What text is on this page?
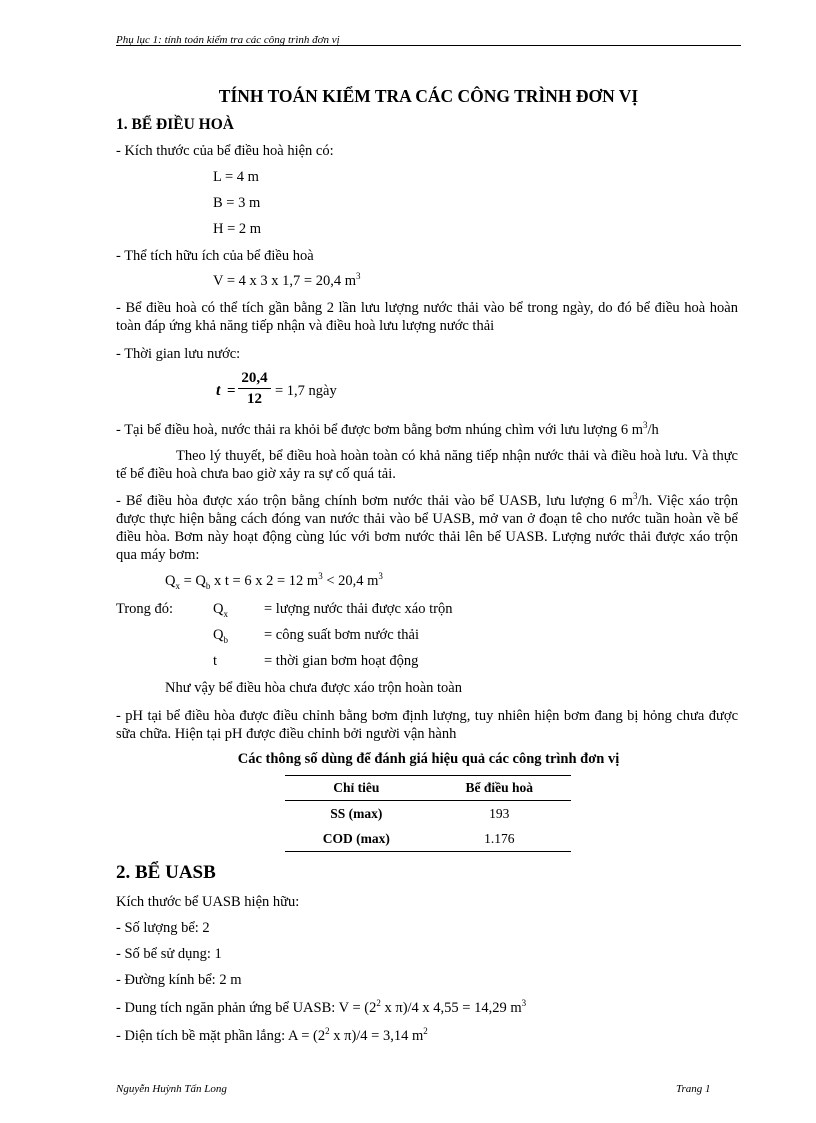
Phụ lục 1: tính toán kiểm tra các công trình đơn vị
TÍNH TOÁN KIỂM TRA CÁC CÔNG TRÌNH ĐƠN VỊ
1. BỂ ĐIỀU HOÀ
- Kích thước của bể điều hoà hiện có:
L = 4 m
B = 3 m
H = 2 m
- Thể tích hữu ích của bể điều hoà
V = 4 x 3 x 1,7 = 20,4 $m^3$
- Bể điều hoà có thể tích gần bằng 2 lần lưu lượng nước thải vào bể trong ngày, do đó bể điều hoà hoàn toàn đáp ứng khả năng tiếp nhận và điều hoà lưu lượng nước thải
- Thời gian lưu nước:
t =
20,4
12 = 1,7 ngày
- Tại bể điều hoà, nước thải ra khỏi bể được bơm bằng bơm nhúng chìm với lưu lượng 6 $m^3/h$
Theo lý thuyết, bể điều hoà hoàn toàn có khả năng tiếp nhận nước thải và điều hoà lưu. Và thực tế bể điều hoà chưa bao giờ xảy ra sự cố quá tải.
- Bể điều hòa được xáo trộn bằng chính bơm nước thải vào bể UASB, lưu lượng 6 $m^3/h$. Việc xáo trộn được thực hiện bằng cách đóng van nước thải vào bể UASB, mở van ở đoạn tê cho nước tuần hoàn về bể điều hòa. Bơm này hoạt động cùng lúc với bơm nước thải lên bể UASB. Lượng nước thải được xáo trộn qua máy bơm:
$Q_x = Q_b$ x t = 6 x 2 = 12 $m^3 < 20,4$ $m^3$
Trong đó:	$Q_x$ = lượng nước thải được xáo trộn
$Q_b$ = công suất bơm nước thải
t	= thời gian bơm hoạt động
Như vậy bể điều hòa chưa được xáo trộn hoàn toàn
- pH tại bể điều hòa được điều chỉnh bằng bơm định lượng, tuy nhiên hiện bơm đang bị hỏng chưa được sữa chữa. Hiện tại pH được điều chỉnh bởi người vận hành
Các thông số dùng để đánh giá hiệu quả các công trình đơn vị
Chỉ tiêu	Bể điều hoà
SS (max)	193
COD (max)	1.176
2. BỂ UASB
Kích thước bể UASB hiện hữu:
- Số lượng bể: 2
- Số bể sử dụng: 1
- Đường kính bể: 2 m
- Dung tích ngăn phản ứng bể UASB: $V = (2^2$ x π)/4 x 4,55 = 14,29 $m^3$
- Diện tích bề mặt phần lắng: $A = (2^2$ x π)/4 = 3,14 $m^2$
Nguyễn Huỳnh Tấn Long	Trang 1
